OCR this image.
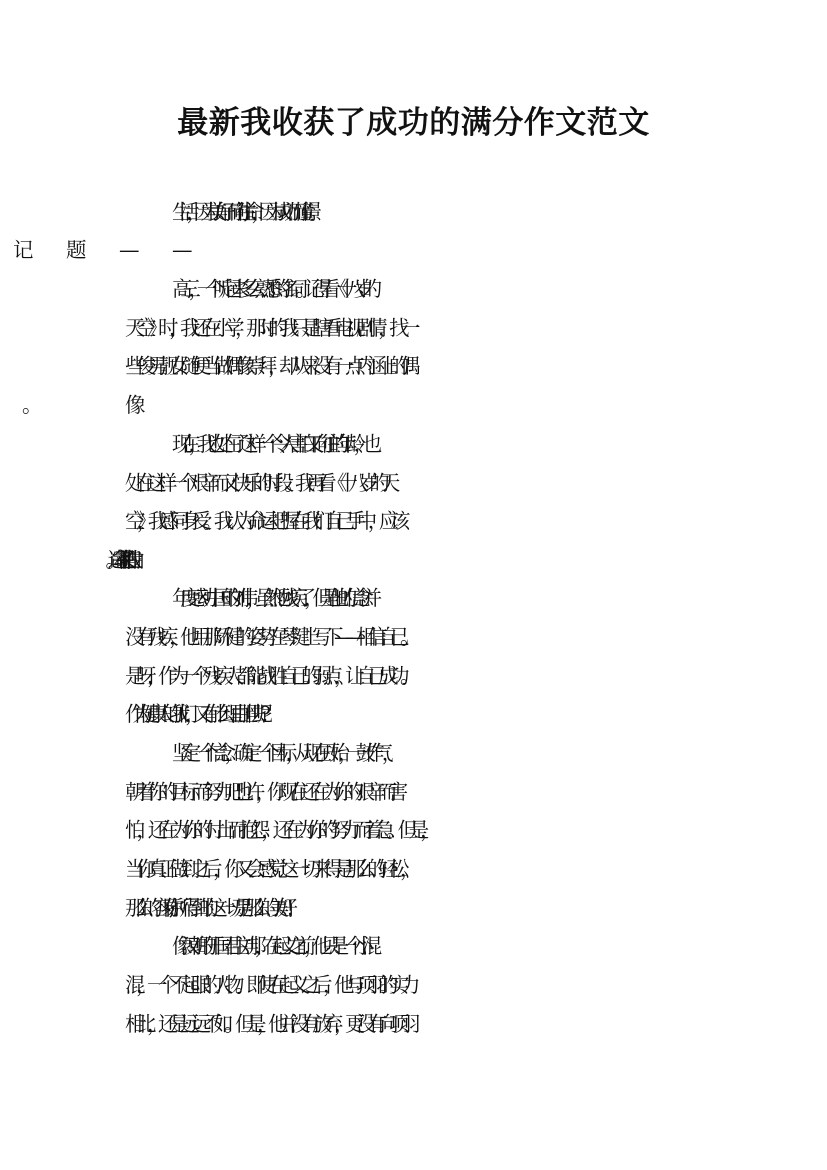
最新我收获了成功的满分作文范文
生活，因为美好而向往;生命，因为成功而憧憬。
高三，一个听起来多么熟悉的名词。记得看《十八岁的
天空》时，我还在小学，那时的我只是瞎看电视剧情，找一
些俊男靓女随便当做偶像崇拜，却从来没有一点内涵上的偶
现在，我也处在了这样一个令人害怕又向往的年龄，也
处在这样一个艰辛而又快乐的时段。我再看《十八岁的天
空》，我感同身受。我认为命运把握在我们自己手中，应该
年度感动中国的刘伟，虽然他残疾了，但是他的信念并
没有残疾，他用那矫健的姿势在琴键上写下——相信自己。
是呀，作为一个残疾人都能战胜自己的弱点，让自己成功。
作为健康人的我们，又有什么理由胆怯呢?
坚定一个信念，确定一个目标，从现在开始，一鼓作气，
朝着你的目标而努力吧!也许，你现在还在为你的艰辛而害
怕，还在为你的付出而抱怨，还在为你的努力而着急。但是，
当你真正做到之后，你又会感觉这一切来得是那么的轻松，
那么的容易;你所得到的这一切是那么的美好!
像汉朝的开国君主刘邦，在起义之前，他只是一个小混
混，一个不起眼的人物。即使在起义之后，他与项羽的实力
相比，还是远远不如。但是，他并没有放弃，更没有向项羽
